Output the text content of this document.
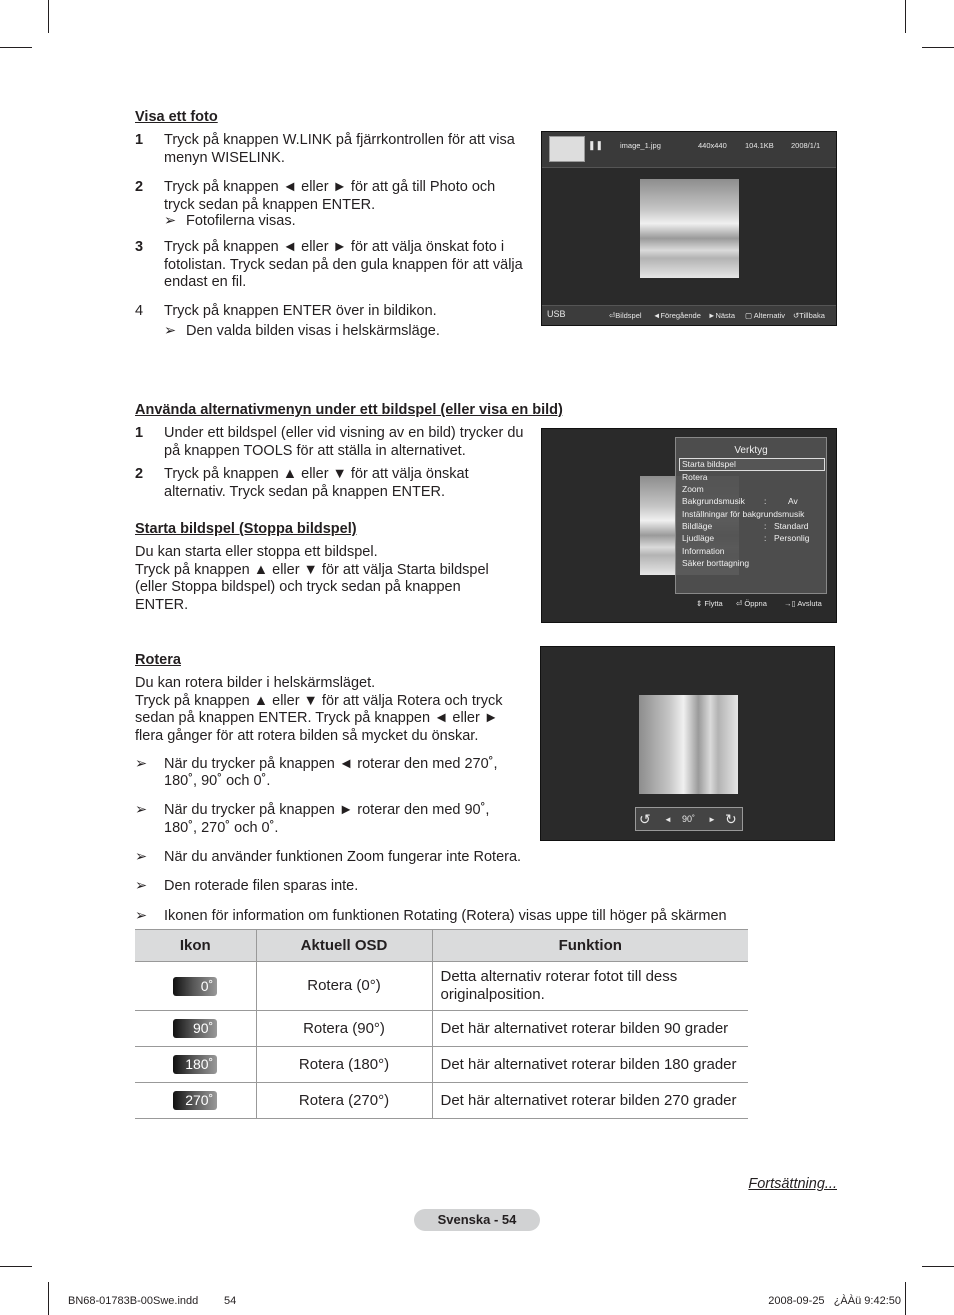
Visa ett foto
1 Tryck på knappen W.LINK på fjärrkontrollen för att visa
menyn WISELINK.
2 Tryck på knappen ◄ eller ► för att gå till Photo och
tryck sedan på knappen ENTER.
➢ Fotofilerna visas.
3 Tryck på knappen ◄ eller ► för att välja önskat foto i
fotolistan. Tryck sedan på den gula knappen för att välja
endast en fil.
4 Tryck på knappen ENTER över in bildikon.
➢ Den valda bilden visas i helskärmsläge.
❚❚ image_1.jpg	440x440 104.1KB 2008/1/1
USB	⏎Bildspel ◄Föregående ►Nästa ▢ Alternativ ↺Tillbaka
Använda alternativmenyn under ett bildspel (eller visa en bild)
1 Under ett bildspel (eller vid visning av en bild) trycker du
på knappen TOOLS för att ställa in alternativet.
2 Tryck på knappen ▲ eller ▼ för att välja önskat
alternativ. Tryck sedan på knappen ENTER.
Verktyg
Starta bildspel
Rotera
Zoom
Bakgrundsmusik :	Av
Inställningar för bakgrundsmusik
Bildläge	: Standard
Ljudläge	: Personlig
Information
Säker borttagning
⇕ Flytta ⏎ Öppna →▯ Avsluta
Starta bildspel (Stoppa bildspel)
Du kan starta eller stoppa ett bildspel.
Tryck på knappen ▲ eller ▼ för att välja Starta bildspel
(eller Stoppa bildspel) och tryck sedan på knappen
ENTER.
Rotera
Du kan rotera bilder i helskärmsläget.
Tryck på knappen ▲ eller ▼ för att välja Rotera och tryck
sedan på knappen ENTER. Tryck på knappen ◄ eller ►
flera gånger för att rotera bilden så mycket du önskar.
➢ När du trycker på knappen ◄ roterar den med 270˚,
180˚, 90˚ och 0˚.
➢ När du trycker på knappen ► roterar den med 90˚,
180˚, 270˚ och 0˚.
➢ När du använder funktionen Zoom fungerar inte Rotera.
➢ Den roterade filen sparas inte.
➢ Ikonen för information om funktionen Rotating (Rotera) visas uppe till höger på skärmen
↺ ◄ 90˚ ► ↻
Ikon	Aktuell OSD	Funktion
0˚	Rotera (0°)	Detta alternativ roterar fotot till dess originalposition.

90˚	Rotera (90°)	Det här alternativet roterar bilden 90 grader
180˚	Rotera (180°)	Det här alternativet roterar bilden 180 grader
270˚	Rotera (270°)	Det här alternativet roterar bilden 270 grader
Fortsättning...
Svenska - 54
BN68-01783B-00Swe.indd 54	2008-09-25   ¿ÀÀü 9:42:50
